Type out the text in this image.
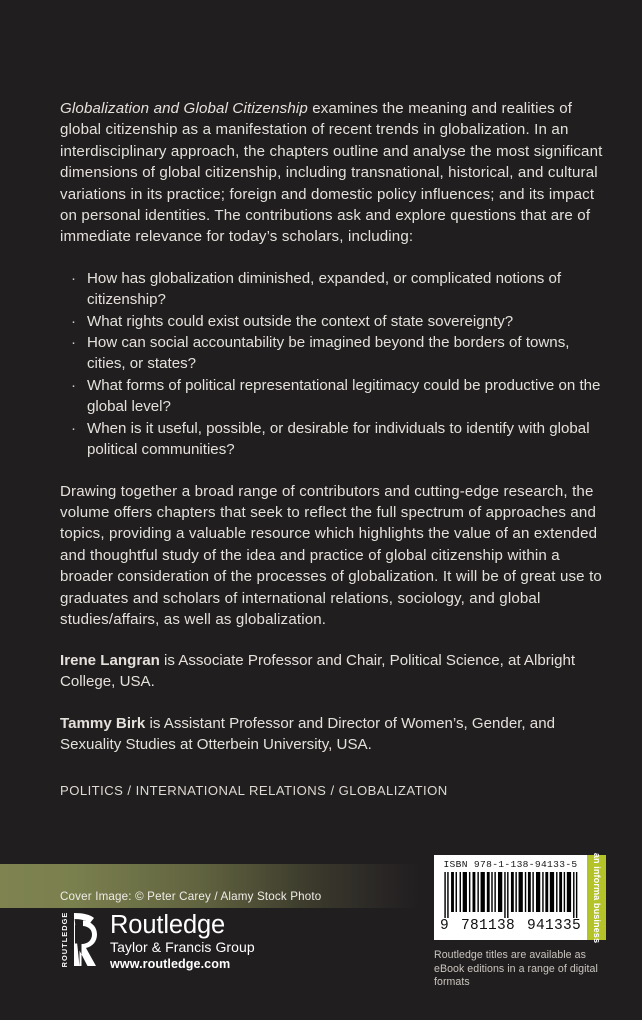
Globalization and Global Citizenship examines the meaning and realities of global citizenship as a manifestation of recent trends in globalization. In an interdisciplinary approach, the chapters outline and analyse the most significant dimensions of global citizenship, including transnational, historical, and cultural variations in its practice; foreign and domestic policy influences; and its impact on personal identities. The contributions ask and explore questions that are of immediate relevance for today’s scholars, including:

· How has globalization diminished, expanded, or complicated notions of citizenship?
· What rights could exist outside the context of state sovereignty?
· How can social accountability be imagined beyond the borders of towns, cities, or states?
· What forms of political representational legitimacy could be productive on the global level?
· When is it useful, possible, or desirable for individuals to identify with global political communities?

Drawing together a broad range of contributors and cutting-edge research, the volume offers chapters that seek to reflect the full spectrum of approaches and topics, providing a valuable resource which highlights the value of an extended and thoughtful study of the idea and practice of global citizenship within a broader consideration of the processes of globalization. It will be of great use to graduates and scholars of international relations, sociology, and global studies/affairs, as well as globalization.

Irene Langran is Associate Professor and Chair, Political Science, at Albright College, USA.

Tammy Birk is Assistant Professor and Director of Women’s, Gender, and Sexuality Studies at Otterbein University, USA.

POLITICS / INTERNATIONAL RELATIONS / GLOBALIZATION
Cover Image: © Peter Carey / Alamy Stock Photo
ROUTLEDGE Routledge
Taylor & Francis Group
www.routledge.com
ISBN 978-1-138-94133-5
9 781138 941335 an informa business
Routledge titles are available as eBook editions in a range of digital formats
